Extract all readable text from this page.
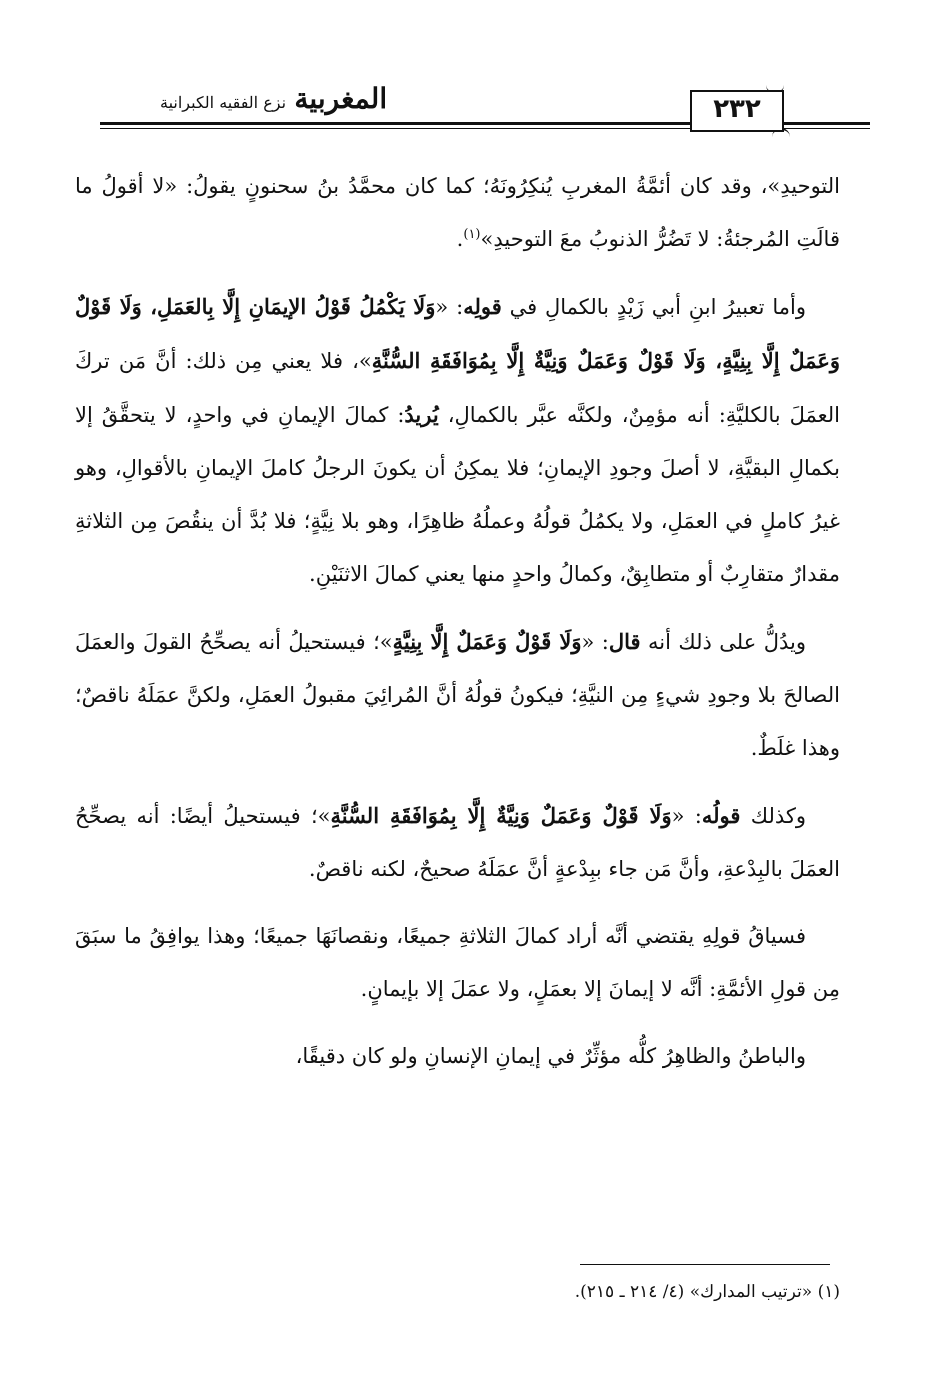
المغربية نزع الفقيه الكبرانية	٢٣٢

التوحيدِ»، وقد كان أئمَّةُ المغربِ يُنكِرُونَهُ؛ كما كان محمَّدُ بنُ سحنونٍ يقولُ: «لا أقولُ ما قالَتِ المُرجئةُ: لا تَضُرُّ الذنوبُ معَ التوحيدِ»$^{(١)}$.

وأما تعبيرُ ابنِ أبي زَيْدٍ بالكمالِ في قولِه: «وَلَا يَكْمُلُ قَوْلُ الإيمَانِ إِلَّا بِالعَمَلِ، وَلَا قَوْلٌ وَعَمَلٌ إِلَّا بِنِيَّةٍ، وَلَا قَوْلٌ وَعَمَلٌ وَنِيَّةٌ إِلَّا بِمُوَافَقَةِ السُّنَّةِ»، فلا يعني مِن ذلك: أنَّ مَن تركَ العمَلَ بالكليَّةِ: أنه مؤمِنٌ، ولكنَّه عبَّر بالكمالِ، يُريدُ: كمالَ الإيمانِ في واحدٍ، لا يتحقَّقُ إلا بكمالِ البقيَّةِ، لا أصلَ وجودِ الإيمانِ؛ فلا يمكِنُ أن يكونَ الرجلُ كاملَ الإيمانِ بالأقوالِ، وهو غيرُ كاملٍ في العمَلِ، ولا يكمُلُ قولُهُ وعملُهُ ظاهِرًا، وهو بلا نِيَّةٍ؛ فلا بُدَّ أن ينقُصَ مِن الثلاثةِ مقدارٌ متقارِبٌ أو متطابِقٌ، وكمالُ واحدٍ منها يعني كمالَ الاثنَيْنِ.

ويدُلُّ على ذلك أنه قال: «وَلَا قَوْلٌ وَعَمَلٌ إِلَّا بِنِيَّةٍ»؛ فيستحيلُ أنه يصحِّحُ القولَ والعمَلَ الصالحَ بلا وجودِ شيءٍ مِن النيَّةِ؛ فيكونُ قولُهُ أنَّ المُرائِيَ مقبولُ العمَلِ، ولكنَّ عمَلَهُ ناقصٌ؛ وهذا غلَطٌ.

وكذلك قولُه: «وَلَا قَوْلٌ وَعَمَلٌ وَنِيَّةٌ إِلَّا بِمُوَافَقَةِ السُّنَّةِ»؛ فيستحيلُ أيضًا: أنه يصحِّحُ العمَلَ بالبِدْعةِ، وأنَّ مَن جاء ببِدْعةٍ أنَّ عمَلَهُ صحيحٌ، لكنه ناقصٌ.

فسياقُ قولِهِ يقتضي أنَّه أراد كمالَ الثلاثةِ جميعًا، ونقصانَهَا جميعًا؛ وهذا يوافِقُ ما سبَقَ مِن قولِ الأئمَّةِ: أنَّه لا إيمانَ إلا بعمَلٍ، ولا عمَلَ إلا بإيمانٍ.

والباطنُ والظاهِرُ كلُّه مؤثِّرٌ في إيمانِ الإنسانِ ولو كان دقيقًا،

(١) «ترتيب المدارك» (٤/ ٢١٤ ـ ٢١٥).
